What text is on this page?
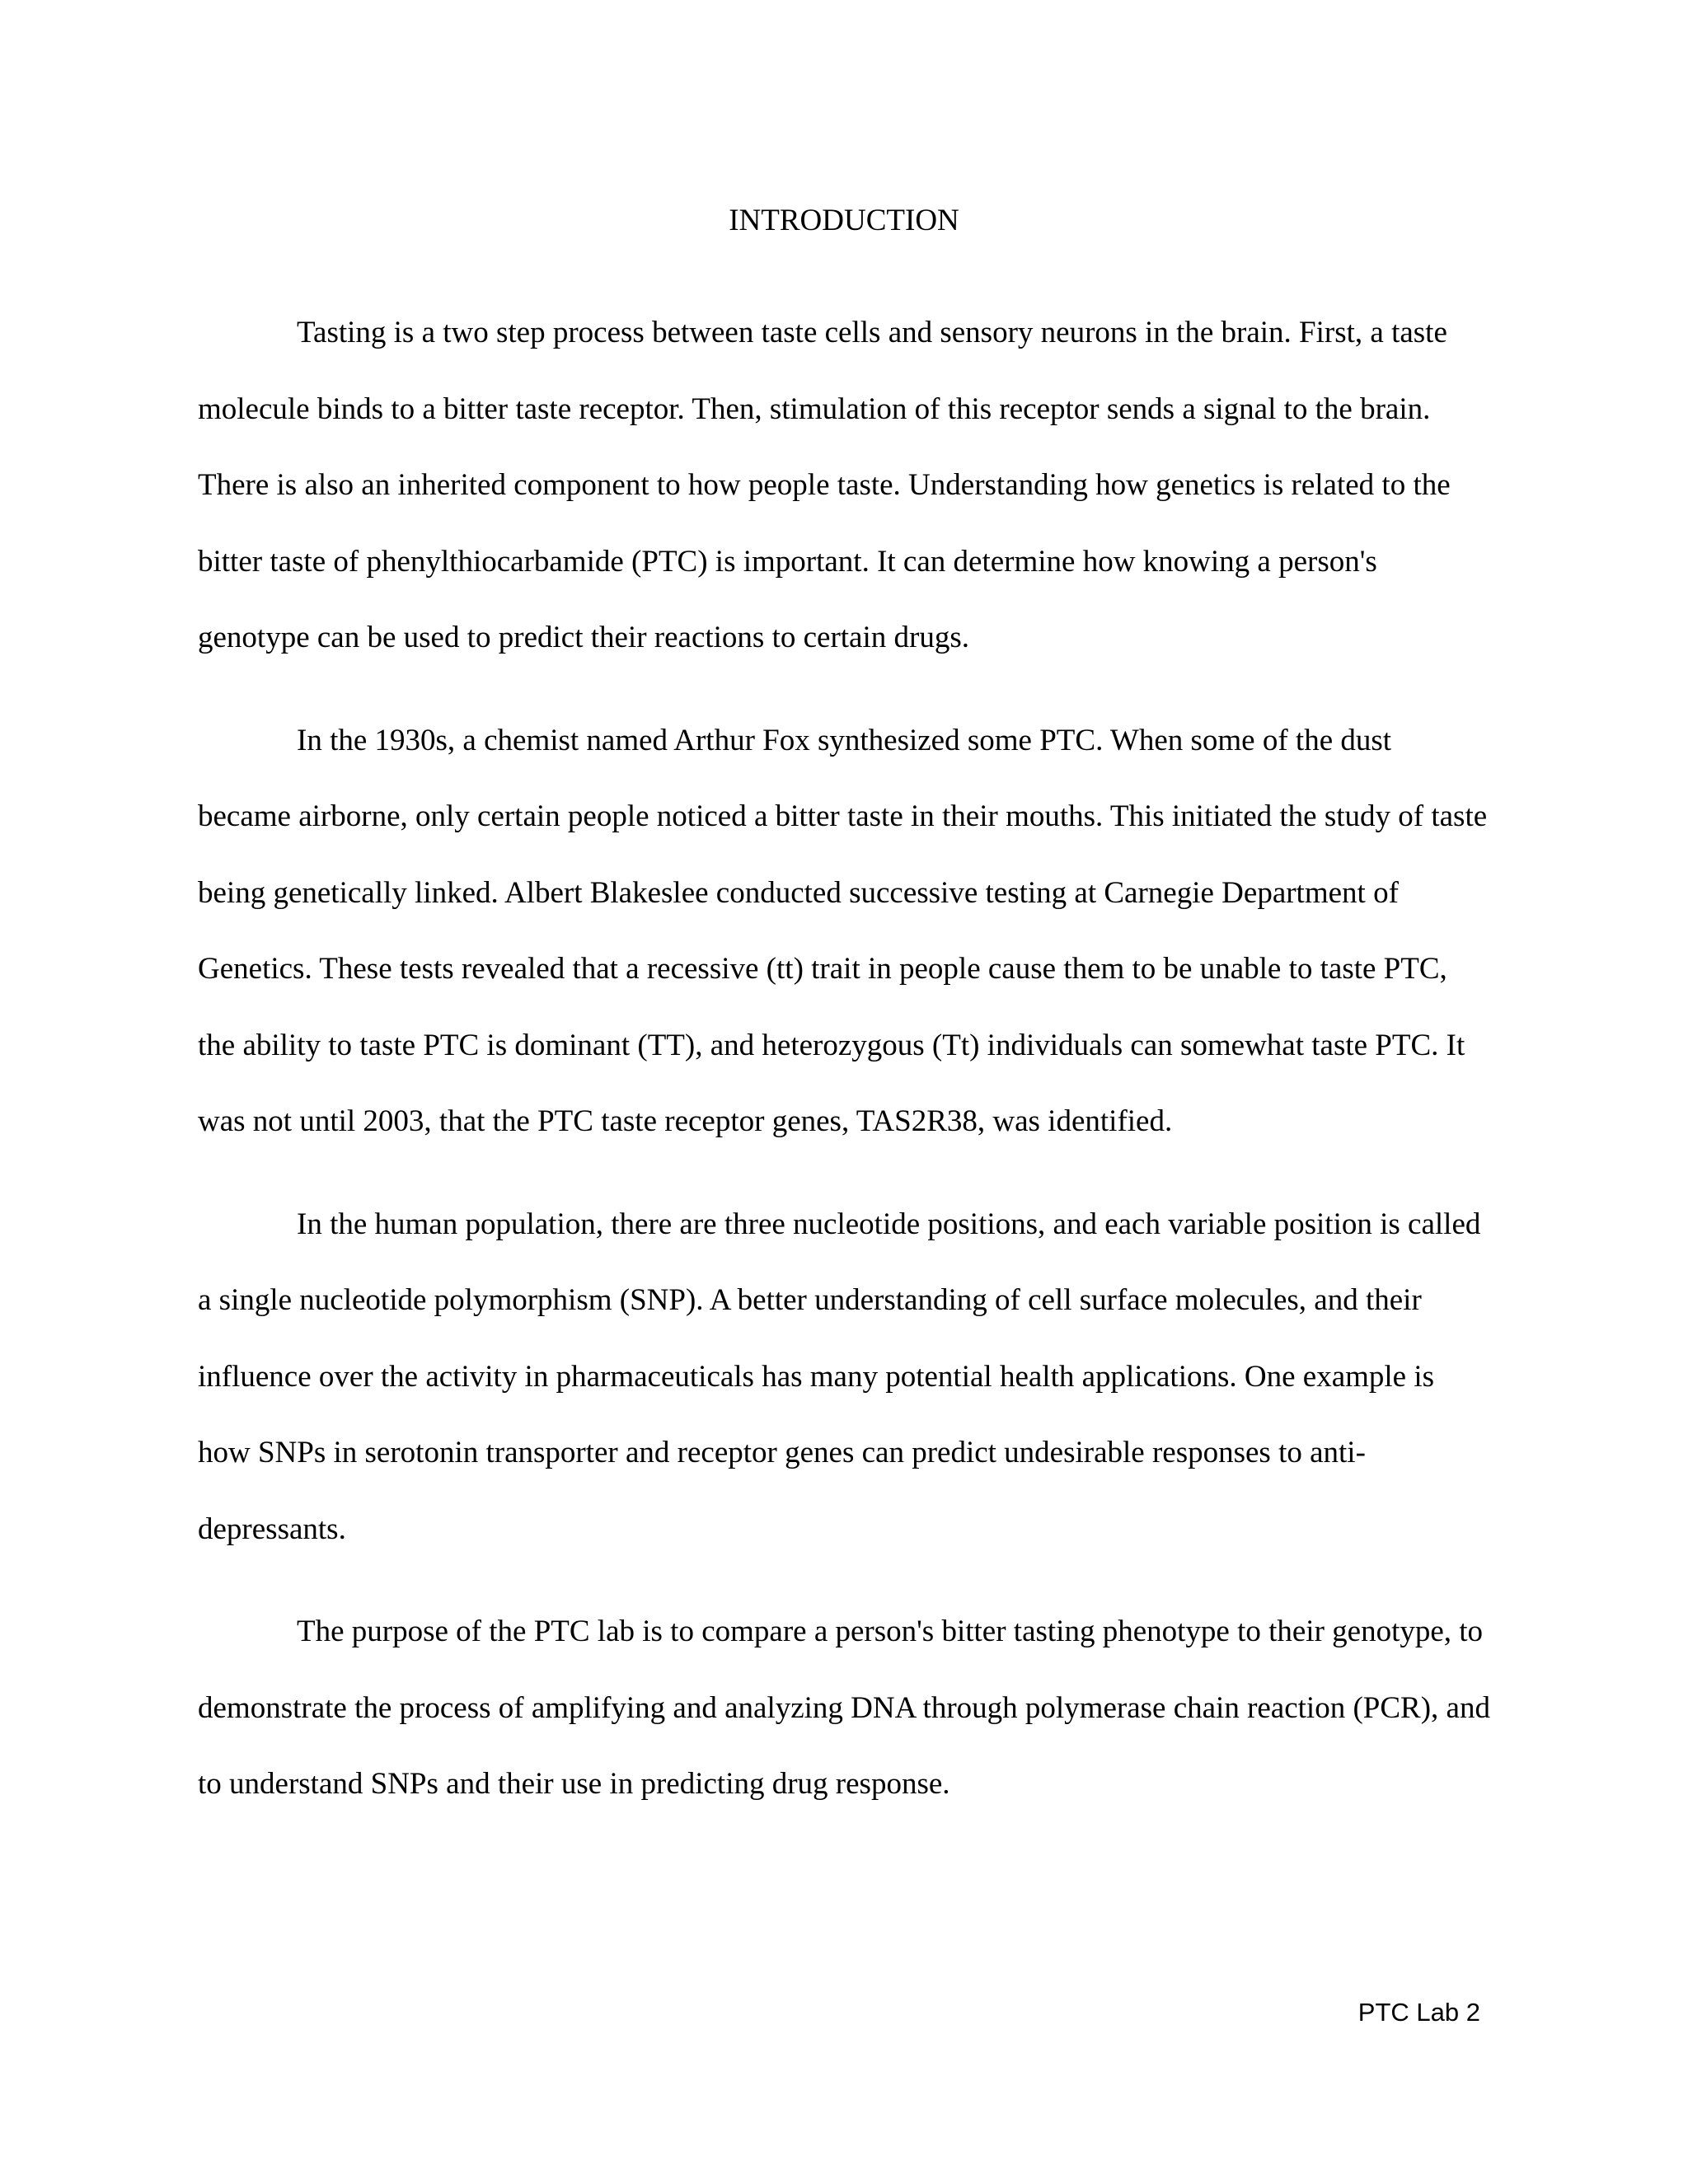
INTRODUCTION

Tasting is a two step process between taste cells and sensory neurons in the brain. First, a taste molecule binds to a bitter taste receptor. Then, stimulation of this receptor sends a signal to the brain. There is also an inherited component to how people taste. Understanding how genetics is related to the bitter taste of phenylthiocarbamide (PTC) is important. It can determine how knowing a person's genotype can be used to predict their reactions to certain drugs.

In the 1930s, a chemist named Arthur Fox synthesized some PTC. When some of the dust became airborne, only certain people noticed a bitter taste in their mouths. This initiated the study of taste being genetically linked. Albert Blakeslee conducted successive testing at Carnegie Department of Genetics. These tests revealed that a recessive (tt) trait in people cause them to be unable to taste PTC, the ability to taste PTC is dominant (TT), and heterozygous (Tt) individuals can somewhat taste PTC. It was not until 2003, that the PTC taste receptor genes, TAS2R38, was identified.

In the human population, there are three nucleotide positions, and each variable position is called a single nucleotide polymorphism (SNP). A better understanding of cell surface molecules, and their influence over the activity in pharmaceuticals has many potential health applications. One example is how SNPs in serotonin transporter and receptor genes can predict undesirable responses to anti-depressants.

The purpose of the PTC lab is to compare a person's bitter tasting phenotype to their genotype, to demonstrate the process of amplifying and analyzing DNA through polymerase chain reaction (PCR), and to understand SNPs and their use in predicting drug response.

PTC Lab 2
